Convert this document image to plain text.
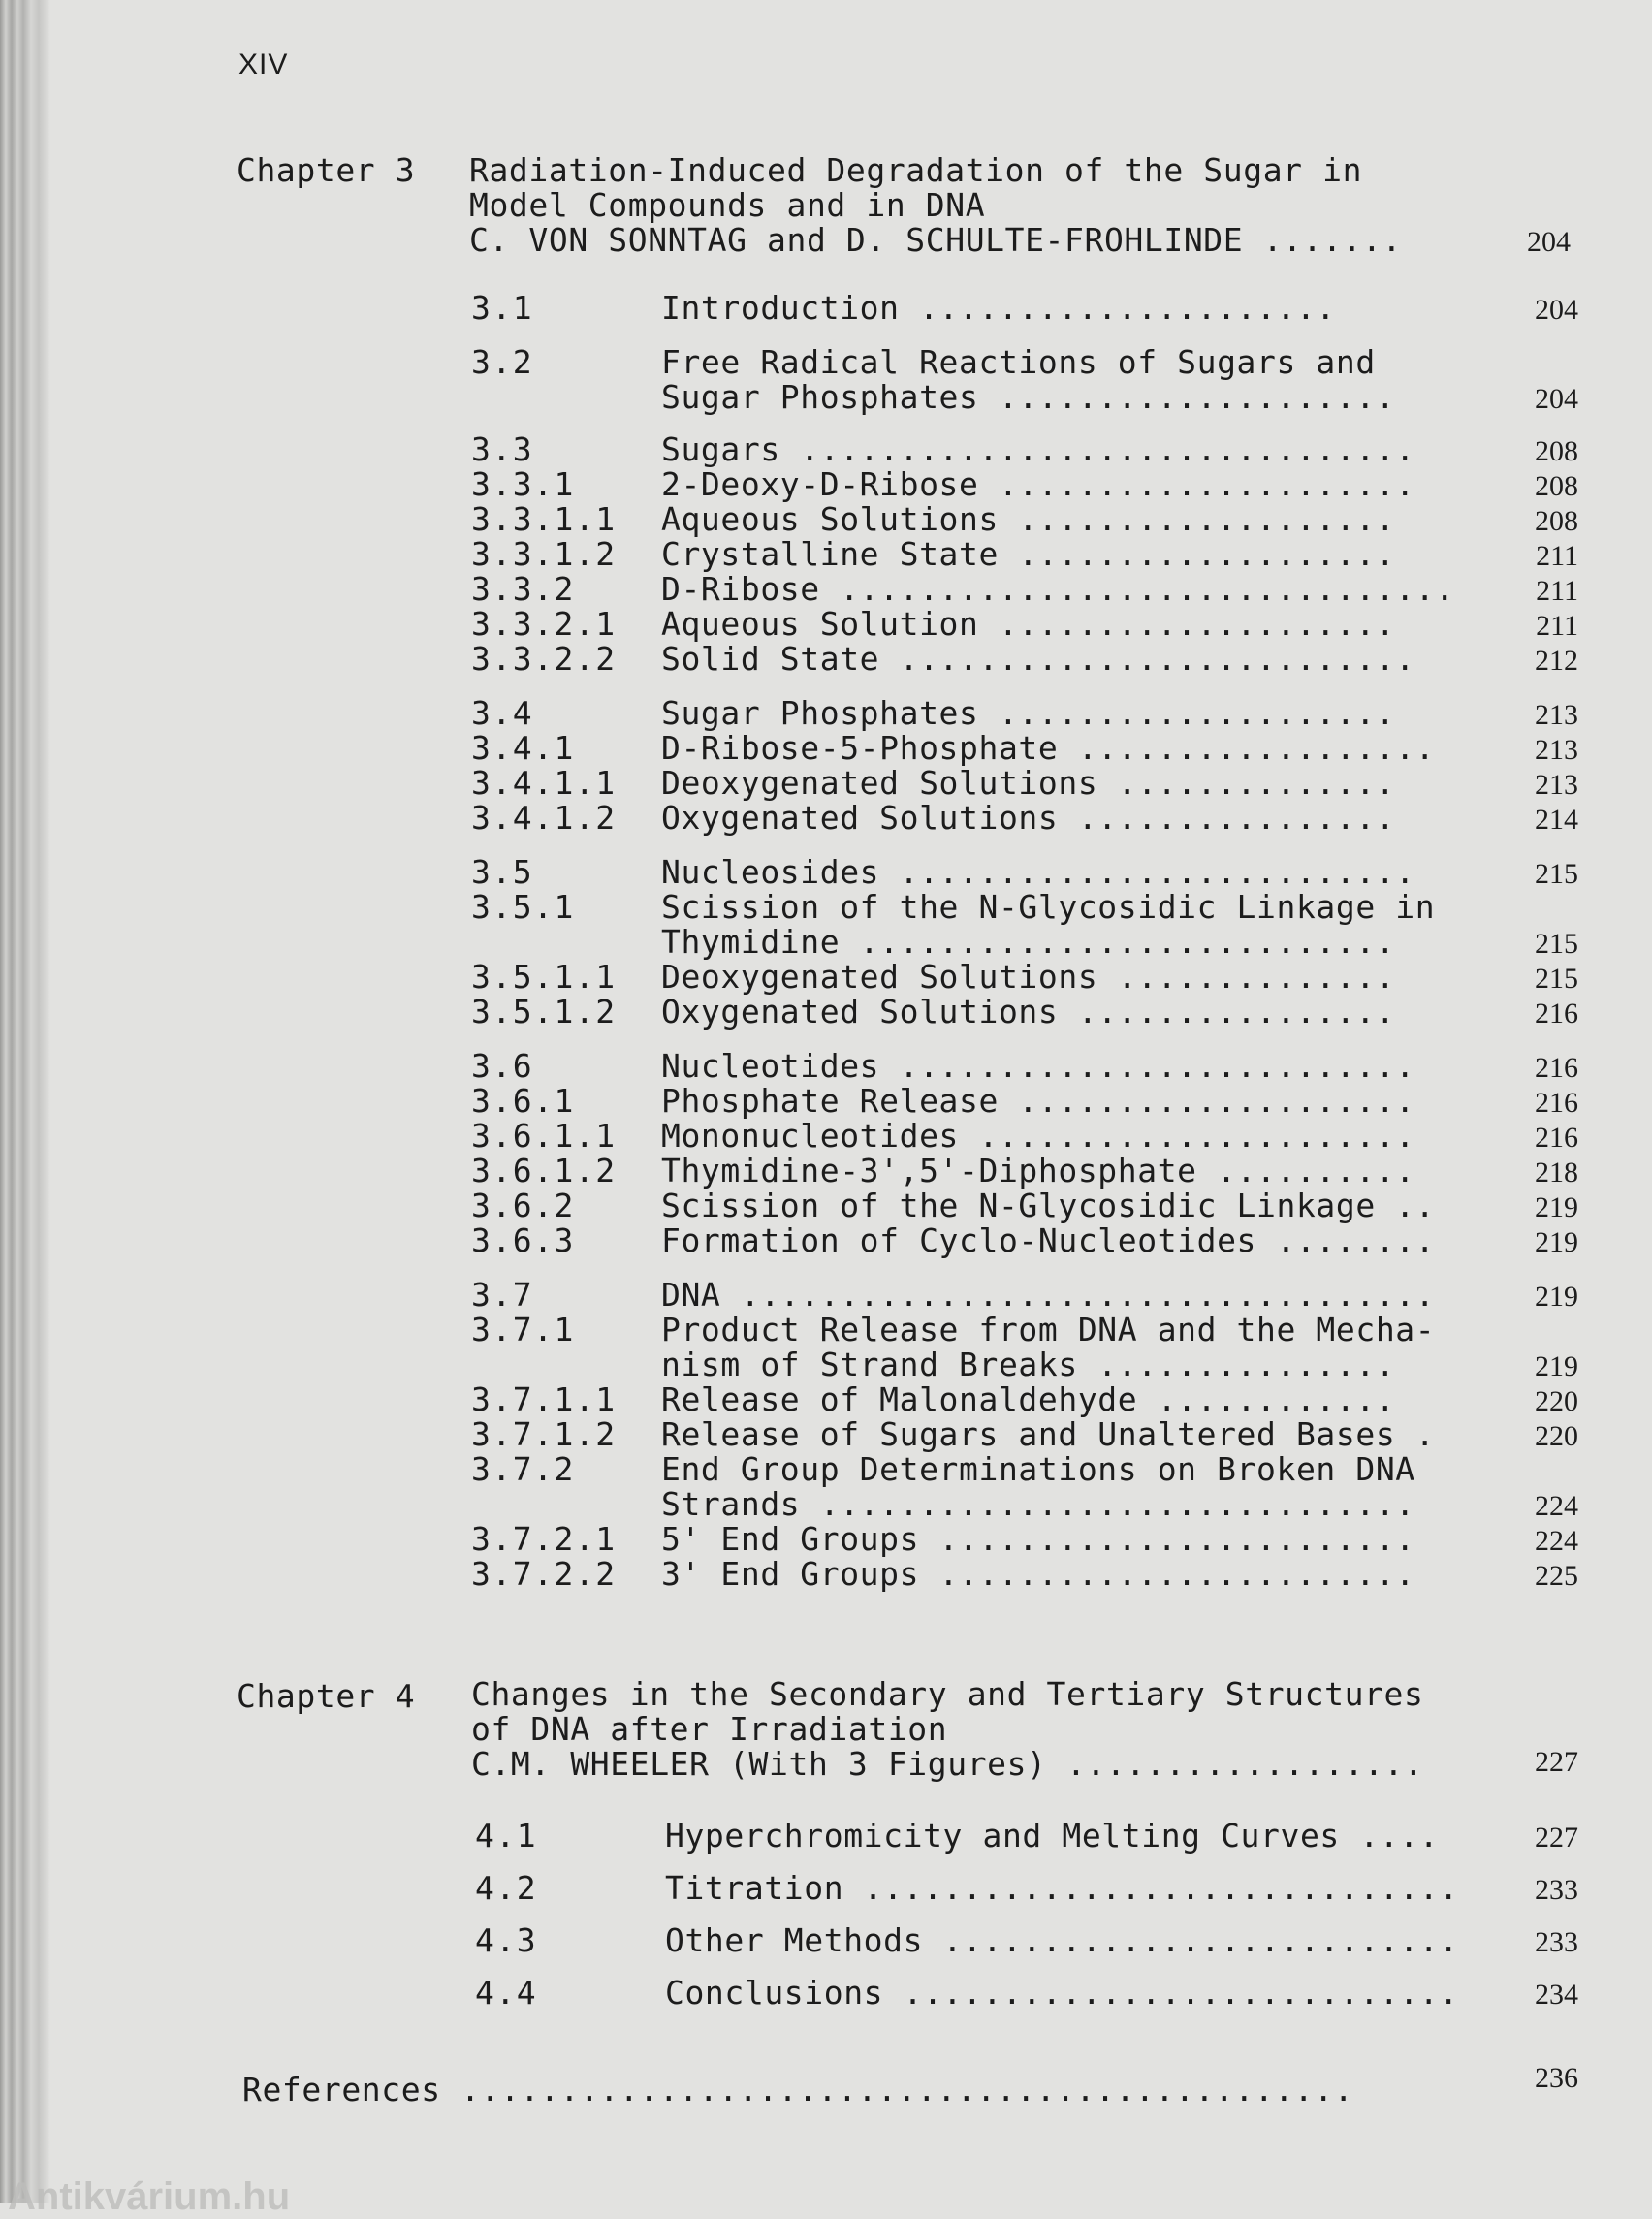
XIV
Chapter 3 Radiation-Induced Degradation of the Sugar in
Model Compounds and in DNA
C. VON SONNTAG and D. SCHULTE-FROHLINDE .......	204
3.1	Introduction .....................	204
3.2	Free Radical Reactions of Sugars and
Sugar Phosphates ....................	204
3.3	Sugars ...............................	208
3.3.1	2-Deoxy-D-Ribose .....................	208
3.3.1.1 Aqueous Solutions ...................	208
3.3.1.2 Crystalline State ...................	211
3.3.2	D-Ribose ...............................	211
3.3.2.1 Aqueous Solution ....................	211
3.3.2.2 Solid State ..........................	212
3.4	Sugar Phosphates ....................	213
3.4.1	D-Ribose-5-Phosphate ..................	213
3.4.1.1 Deoxygenated Solutions ..............	213
3.4.1.2 Oxygenated Solutions ................	214
3.5	Nucleosides ..........................	215
3.5.1	Scission of the N-Glycosidic Linkage in
Thymidine ...........................	215
3.5.1.1 Deoxygenated Solutions ..............	215
3.5.1.2 Oxygenated Solutions ................	216
3.6	Nucleotides ..........................	216
3.6.1	Phosphate Release ....................	216
3.6.1.1 Mononucleotides ......................	216
3.6.1.2 Thymidine-3',5'-Diphosphate ..........	218
3.6.2	Scission of the N-Glycosidic Linkage ..	219
3.6.3	Formation of Cyclo-Nucleotides ........	219
3.7	DNA ...................................	219
3.7.1	Product Release from DNA and the Mecha-
nism of Strand Breaks ...............	219
3.7.1.1 Release of Malonaldehyde ............	220
3.7.1.2 Release of Sugars and Unaltered Bases .	220
3.7.2	End Group Determinations on Broken DNA
Strands ..............................	224
3.7.2.1 5' End Groups ........................	224
3.7.2.2 3' End Groups ........................	225
Chapter 4 Changes in the Secondary and Tertiary Structures
of DNA after Irradiation
C.M. WHEELER (With 3 Figures) ..................	227
4.1	Hyperchromicity and Melting Curves ....	227
4.2	Titration ..............................	233
4.3	Other Methods ..........................	233
4.4	Conclusions ............................	234
References .............................................	236
Antikvárium.hu
